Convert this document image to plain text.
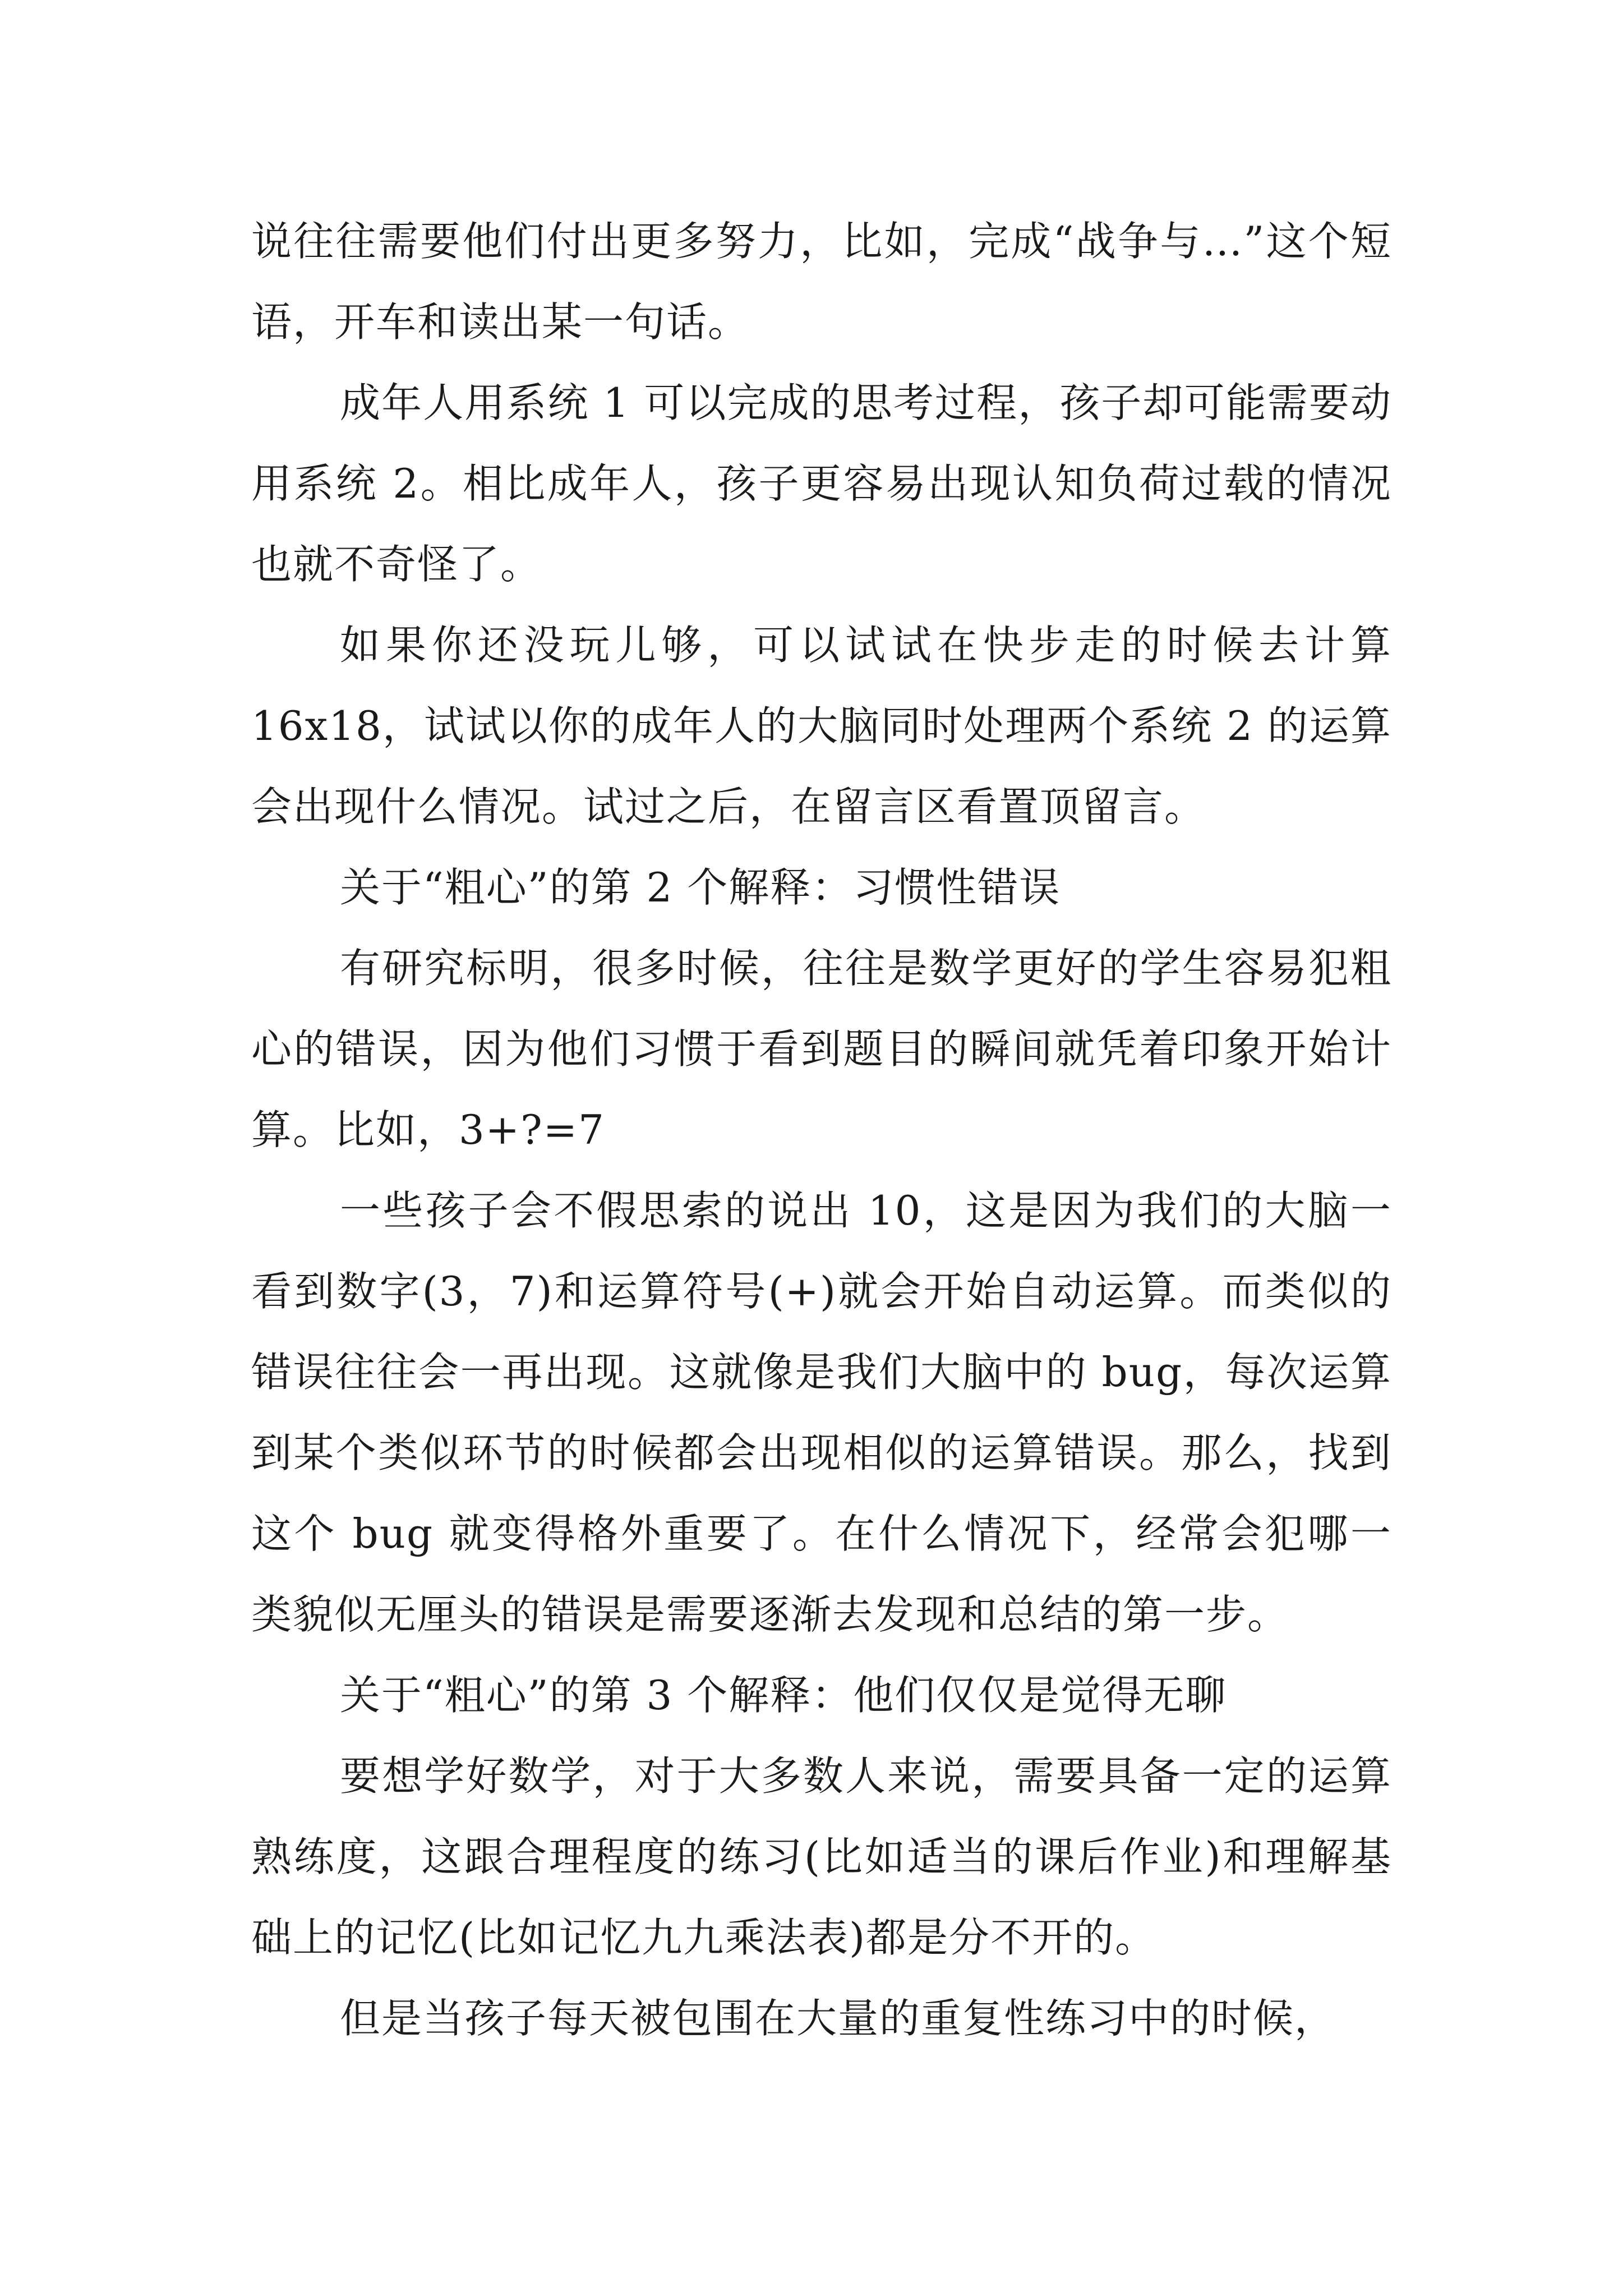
说往往需要他们付出更多努力，比如，完成“战争与…”这个短语，开车和读出某一句话。

成年人用系统 1 可以完成的思考过程，孩子却可能需要动用系统 2。相比成年人，孩子更容易出现认知负荷过载的情况也就不奇怪了。

如果你还没玩儿够，可以试试在快步走的时候去计算 16x18，试试以你的成年人的大脑同时处理两个系统 2 的运算会出现什么情况。试过之后，在留言区看置顶留言。

关于“粗心”的第 2 个解释：习惯性错误

有研究标明，很多时候，往往是数学更好的学生容易犯粗心的错误，因为他们习惯于看到题目的瞬间就凭着印象开始计算。比如，3+?=7

一些孩子会不假思索的说出 10，这是因为我们的大脑一看到数字(3，7)和运算符号(+)就会开始自动运算。而类似的错误往往会一再出现。这就像是我们大脑中的 bug，每次运算到某个类似环节的时候都会出现相似的运算错误。那么，找到这个 bug 就变得格外重要了。在什么情况下，经常会犯哪一类貌似无厘头的错误是需要逐渐去发现和总结的第一步。

关于“粗心”的第 3 个解释：他们仅仅是觉得无聊

要想学好数学，对于大多数人来说，需要具备一定的运算熟练度，这跟合理程度的练习(比如适当的课后作业)和理解基础上的记忆(比如记忆九九乘法表)都是分不开的。

但是当孩子每天被包围在大量的重复性练习中的时候，
